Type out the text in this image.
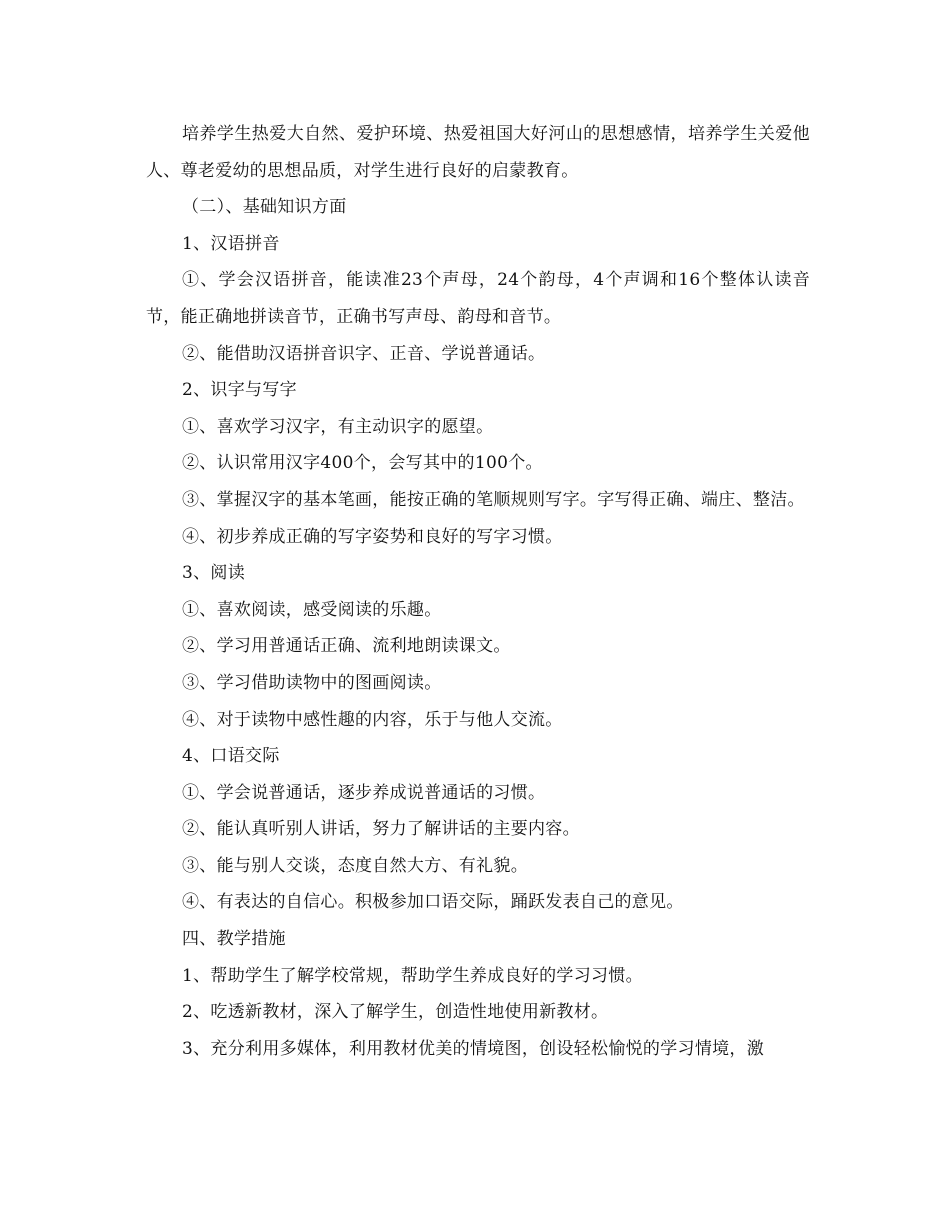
培养学生热爱大自然、爱护环境、热爱祖国大好河山的思想感情，培养学生关爱他人、尊老爱幼的思想品质，对学生进行良好的启蒙教育。

（二）、基础知识方面

1、汉语拼音

①、学会汉语拼音，能读准23个声母，24个韵母，4个声调和16个整体认读音节，能正确地拼读音节，正确书写声母、韵母和音节。

②、能借助汉语拼音识字、正音、学说普通话。

2、识字与写字

①、喜欢学习汉字，有主动识字的愿望。

②、认识常用汉字400个，会写其中的100个。

③、掌握汉字的基本笔画，能按正确的笔顺规则写字。字写得正确、端庄、整洁。

④、初步养成正确的写字姿势和良好的写字习惯。

3、阅读

①、喜欢阅读，感受阅读的乐趣。

②、学习用普通话正确、流利地朗读课文。

③、学习借助读物中的图画阅读。

④、对于读物中感性趣的内容，乐于与他人交流。

4、口语交际

①、学会说普通话，逐步养成说普通话的习惯。

②、能认真听别人讲话，努力了解讲话的主要内容。

③、能与别人交谈，态度自然大方、有礼貌。

④、有表达的自信心。积极参加口语交际，踊跃发表自己的意见。

四、教学措施

1、帮助学生了解学校常规，帮助学生养成良好的学习习惯。

2、吃透新教材，深入了解学生，创造性地使用新教材。

3、充分利用多媒体，利用教材优美的情境图，创设轻松愉悦的学习情境，激
